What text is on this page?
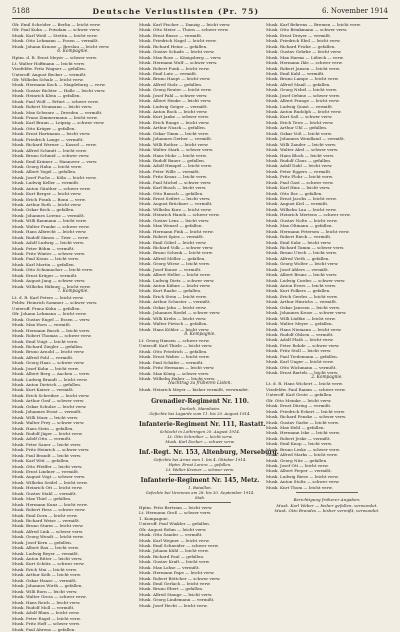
5188	Deutsche Verlustlisten (Pr. 75)	6. November 1914
Gfr. Emil Schröder — Berlin — leicht verw.
Gfr. Paul Kuhn — Potsdam — schwer verw.
Musk. Karl Weiß — Stettin — leicht verw.
Musk. Otto Lehmann — Posen — vermißt.
Musk. Johann Krause — Breslau — leicht verw.
6. Kompagnie.
Hptm. d. R. Ernst Meyer — schwer verw.
Lt. Walter Hoffmann — leicht verw.
Vizefeldw. Fritz Wagner — gefallen.
Unteroff. August Becker — vermißt.
Gfr. Wilhelm Schulz — leicht verw.
Musk. Hermann Koch — Magdeburg — verw.
Musk. Gustav Richter — Halle — leicht verw.
Musk. Heinrich Klein — gefallen.
Musk. Paul Wolf — Erfurt — schwer verw.
Musk. Robert Neumann — leicht verw.
Musk. Max Schwarz — Dresden — vermißt.
Musk. Franz Zimmermann — leicht verw.
Musk. Karl Braun — Leipzig — schwer verw.
Musk. Otto Krüger — gefallen.
Musk. Ernst Hartmann — leicht verw.
Musk. Friedrich Lange — vermißt.
Musk. Richard Werner — Kassel — verw.
Musk. Alfred Schmitt — leicht verw.
Musk. Bruno Schmid — schwer verw.
Musk. Emil Krämer — Hannover — verw.
Musk. Georg Hahn — leicht verw.
Musk. Albert Vogel — gefallen.
Musk. Josef Fuchs — Köln — leicht verw.
Musk. Ludwig Keller — vermißt.
Musk. Anton Günther — schwer verw.
Musk. Kurt Berger — leicht verw.
Musk. Erich Frank — Bonn — verw.
Musk. Arthur Roth — leicht verw.
Musk. Oskar Beck — gefallen.
Musk. Johannes Lorenz — vermißt.
Musk. Willi Baumann — leicht verw.
Musk. Walter Franke — schwer verw.
Musk. Hans Albrecht — leicht verw.
Musk. Rudolf Simon — Trier — verw.
Musk. Adolf Ludwig — leicht verw.
Musk. Peter Böhm — vermißt.
Musk. Fritz Winter — schwer verw.
Musk. Paul Kraus — leicht verw.
Musk. Karl Martin — gefallen.
Musk. Otto Schumacher — leicht verw.
Musk. Ernst Krüger — vermißt.
Musk. August Jung — schwer verw.
Musk. Wilhelm Hübner — leicht verw.
7. Kompagnie.
Lt. d. R. Karl Peters — leicht verw.
Feldw. Heinrich Sommer — schwer verw.
Unteroff. Franz Kühn — gefallen.
Gfr. Johann Lehmann — leicht verw.
Musk. Gustav Engel — Essen — verw.
Musk. Max Horn — vermißt.
Musk. Hermann Busch — leicht verw.
Musk. Robert Thomas — schwer verw.
Musk. Emil Voigt — leicht verw.
Musk. Richard Ziegler — gefallen.
Musk. Bruno Arnold — leicht verw.
Musk. Alfred Pohl — vermißt.
Musk. Georg Haas — schwer verw.
Musk. Josef Kuhn — leicht verw.
Musk. Albert Berg — Aachen — verw.
Musk. Ludwig Brandt — leicht verw.
Musk. Anton Dietrich — gefallen.
Musk. Kurt Kaiser — vermißt.
Musk. Erich Schreiber — leicht verw.
Musk. Arthur Graf — schwer verw.
Musk. Oskar Schulze — leicht verw.
Musk. Johannes Ernst — vermißt.
Musk. Willi Marx — leicht verw.
Musk. Walter Frey — schwer verw.
Musk. Hans Stein — gefallen.
Musk. Rudolf Jäger — leicht verw.
Musk. Adolf Otto — vermißt.
Musk. Peter Sauer — leicht verw.
Musk. Fritz Heinrich — schwer verw.
Musk. Paul Brandt — leicht verw.
Musk. Karl Witt — gefallen.
Musk. Otto Pfeiffer — leicht verw.
Musk. Ernst Lindner — vermißt.
Musk. August Vogt — schwer verw.
Musk. Wilhelm Seidel — leicht verw.
Musk. Heinrich Ott — leicht verw.
Musk. Gustav Stahl — vermißt.
Musk. Max Thiel — gefallen.
Musk. Hermann Kunz — leicht verw.
Musk. Robert Hess — schwer verw.
Musk. Emil Dorn — leicht verw.
Musk. Richard Weise — vermißt.
Musk. Bruno Sturm — leicht verw.
Musk. Alfred Link — schwer verw.
Musk. Georg Wendt — leicht verw.
Musk. Josef Kern — gefallen.
Musk. Albert Rau — leicht verw.
Musk. Ludwig Beyer — vermißt.
Musk. Anton Ritter — leicht verw.
Musk. Kurt Schütz — schwer verw.
Musk. Erich Mai — leicht verw.
Musk. Arthur Kolb — leicht verw.
Musk. Oskar Haase — vermißt.
Musk. Johannes Wirth — gefallen.
Musk. Willi Born — leicht verw.
Musk. Walter Gross — schwer verw.
Musk. Hans Reich — leicht verw.
Musk. Rudolf Moll — vermißt.
Musk. Adolf Blum — leicht verw.
Musk. Peter Engel — leicht verw.
Musk. Fritz Hoff — schwer verw.
Musk. Paul Ahrens — gefallen.
Musk. Karl Fischer — Danzig — leicht verw.
Musk. Otto Meier — Thorn — schwer verw.
Musk. Ernst Busse — vermißt.
Musk. Friedrich Nagel — leicht verw.
Musk. Richard Heinz — gefallen.
Musk. Gustav Schade — leicht verw.
Musk. Max Rose — Königsberg — verw.
Musk. Hermann Wulf — schwer verw.
Musk. Robert Funk — leicht verw.
Musk. Emil Lutz — vermißt.
Musk. Bruno Haupt — leicht verw.
Musk. Alfred Stolz — gefallen.
Musk. Georg Reuter — leicht verw.
Musk. Josef Pahl — schwer verw.
Musk. Albert Henke — leicht verw.
Musk. Ludwig Geiger — vermißt.
Musk. Anton Bock — leicht verw.
Musk. Kurt Janke — schwer verw.
Musk. Erich Runge — leicht verw.
Musk. Arthur Noack — gefallen.
Musk. Oskar Timm — leicht verw.
Musk. Johannes Gerber — vermißt.
Musk. Willi Rother — leicht verw.
Musk. Walter Stark — schwer verw.
Musk. Hans Mohr — leicht verw.
Musk. Rudolf Bauer — gefallen.
Musk. Adolf Hempel — leicht verw.
Musk. Peter Wille — vermißt.
Musk. Fritz Kranz — leicht verw.
Musk. Paul Michel — schwer verw.
Musk. Karl Busch — leicht verw.
Musk. Otto Rausch — gefallen.
Musk. Ernst Seifert — leicht verw.
Musk. August Brückner — vermißt.
Musk. Wilhelm Kurz — leicht verw.
Musk. Heinrich Hauck — schwer verw.
Musk. Gustav Lenz — leicht verw.
Musk. Max Wenzel — gefallen.
Musk. Hermann Fink — leicht verw.
Musk. Robert Spies — vermißt.
Musk. Emil Göbel — leicht verw.
Musk. Richard Volk — schwer verw.
Musk. Bruno Schenk — leicht verw.
Musk. Alfred Möller — gefallen.
Musk. Georg Wiese — leicht verw.
Musk. Josef Kunze — vermißt.
Musk. Albert Heller — leicht verw.
Musk. Ludwig Dietz — schwer verw.
Musk. Anton Kühne — leicht verw.
Musk. Kurt Raabe — gefallen.
Musk. Erich Stein — leicht verw.
Musk. Arthur Schuster — vermißt.
Musk. Oskar Jahn — leicht verw.
Musk. Johannes Riedel — schwer verw.
Musk. Willi Krebs — leicht verw.
Musk. Walter Pietsch — gefallen.
Musk. Hans Köhler — leicht verw.
8. Kompagnie.
Lt. Georg Hansen — schwer verw.
Unteroff. Karl Thiele — leicht verw.
Musk. Otto Friedrich — gefallen.
Musk. Ernst Walter — leicht verw.
Musk. Paul Schäfer — vermißt.
Musk. Fritz Hermann — leicht verw.
Musk. Max König — schwer verw.
Musk. Wilhelm Huber — leicht verw.
Nachtrag zu früheren Listen.
Musk. Heinrich Meyer — bisher vermißt, verwundet.
Grenadier-Regiment Nr. 110.
Durlach, Mannheim.
Gefechte bei Lagarde vom 11. bis 20. August 1914.
Infanterie-Regiment Nr. 111, Rastatt.
Schlacht in Lothringen 20. August 1914.
Lt. Otto Schreiber — leicht verw.
Musk. Karl Decker — schwer verw.
Inf.-Regt. Nr. 153, Altenburg, Merseburg.
Gefechte bei Arras vom 1. bis 4. Oktober 1914.
Hptm. Ernst Lorenz — gefallen.
Lt. Walter Kremer — schwer verw.
Infanterie-Regiment Nr. 145, Metz.
1. Bataillon.
Gefechte bei Varennes am 28. bis 30. September 1914.
Stab.
Hptm. Fritz Bertram — leicht verw.
Lt. Hermann Groß — schwer verw.
1. Kompagnie.
Unteroff. Paul Winkler — gefallen.
Gfr. August Rehm — leicht verw.
Musk. Otto Sander — vermißt.
Musk. Karl Wegner — leicht verw.
Musk. Emil Schneider — schwer verw.
Musk. Johann Kühl — leicht verw.
Musk. Richard Paul — gefallen.
Musk. Gustav Kraft — leicht verw.
Musk. Max Lohse — vermißt.
Musk. Hermann Pape — leicht verw.
Musk. Robert Böttcher — schwer verw.
Musk. Emil Gerlach — leicht verw.
Musk. Bruno Ebert — gefallen.
Musk. Alfred Stange — leicht verw.
Musk. Georg Lindemann — vermißt.
Musk. Josef Hecht — leicht verw.
Musk. Karl Behrens — Bremen — leicht verw.
Musk. Otto Brinkmann — schwer verw.
Musk. Ernst Dreyer — vermißt.
Musk. Friedrich Ebel — leicht verw.
Musk. Richard Fricke — gefallen.
Musk. Gustav Gehrke — leicht verw.
Musk. Max Harms — Lübeck — verw.
Musk. Hermann Ihle — schwer verw.
Musk. Robert Jansen — leicht verw.
Musk. Emil Kahl — vermißt.
Musk. Bruno Lampe — leicht verw.
Musk. Alfred Maaß — gefallen.
Musk. Georg Nebel — leicht verw.
Musk. Josef Oehme — schwer verw.
Musk. Albert Prange — leicht verw.
Musk. Ludwig Quast — vermißt.
Musk. Anton Rudolph — leicht verw.
Musk. Kurt Saß — schwer verw.
Musk. Erich Tews — leicht verw.
Musk. Arthur Uhl — gefallen.
Musk. Oskar Voß — leicht verw.
Musk. Johannes Wendland — vermißt.
Musk. Willi Zander — leicht verw.
Musk. Walter Abel — schwer verw.
Musk. Hans Block — leicht verw.
Musk. Rudolf Claus — gefallen.
Musk. Adolf Dahl — leicht verw.
Musk. Peter Eggers — vermißt.
Musk. Fritz Flohr — leicht verw.
Musk. Paul Gast — schwer verw.
Musk. Karl Hinz — leicht verw.
Musk. Otto Ilse — gefallen.
Musk. Ernst Jacobs — leicht verw.
Musk. August Kiel — vermißt.
Musk. Wilhelm Lau — leicht verw.
Musk. Heinrich Mertens — schwer verw.
Musk. Gustav Nolte — leicht verw.
Musk. Max Oltmann — gefallen.
Musk. Hermann Petersen — leicht verw.
Musk. Robert Rieck — vermißt.
Musk. Emil Suhr — leicht verw.
Musk. Richard Tamm — schwer verw.
Musk. Bruno Utech — leicht verw.
Musk. Alfred Vieth — gefallen.
Musk. Georg Wolter — leicht verw.
Musk. Josef Ahlers — vermißt.
Musk. Albert Bruns — leicht verw.
Musk. Ludwig Cordes — schwer verw.
Musk. Anton Evers — leicht verw.
Musk. Kurt Folkers — gefallen.
Musk. Erich Gerdes — leicht verw.
Musk. Arthur Hinrichs — vermißt.
Musk. Oskar Janssen — leicht verw.
Musk. Johannes Kruse — schwer verw.
Musk. Willi Lüdtke — leicht verw.
Musk. Walter Meyer — gefallen.
Musk. Hans Niemann — leicht verw.
Musk. Rudolf Ohlsen — vermißt.
Musk. Adolf Plath — leicht verw.
Musk. Peter Rohde — schwer verw.
Musk. Fritz Stoll — leicht verw.
Musk. Paul Tiedemann — gefallen.
Musk. Karl Unger — leicht verw.
Musk. Otto Wichmann — vermißt.
Musk. Ernst Bartels — leicht verw.
2. Kompagnie.
Lt. d. R. Hans Wichert — leicht verw.
Vizefeldw. Paul Ramm — schwer verw.
Unteroff. Karl Grote — gefallen.
Gfr. Otto Meinke — leicht verw.
Musk. Ernst Düring — vermißt.
Musk. Friedrich Eckert — leicht verw.
Musk. Richard Fenske — schwer verw.
Musk. Gustav Garbe — leicht verw.
Musk. Max Held — gefallen.
Musk. Hermann Iske — leicht verw.
Musk. Robert Jeske — vermißt.
Musk. Emil Knop — leicht verw.
Musk. Bruno Leske — schwer verw.
Musk. Alfred Marks — leicht verw.
Musk. Georg Nitz — gefallen.
Musk. Josef Ott — leicht verw.
Musk. Albert Pieper — vermißt.
Musk. Ludwig Riese — leicht verw.
Musk. Anton Stoltz — schwer verw.
Musk. Kurt Thom — leicht verw.
Berichtigung früherer Angaben:
Musk. Karl Weber — bisher gefallen, verwundet.
Musk. Otto Brandes — bisher vermißt, verwundet.
